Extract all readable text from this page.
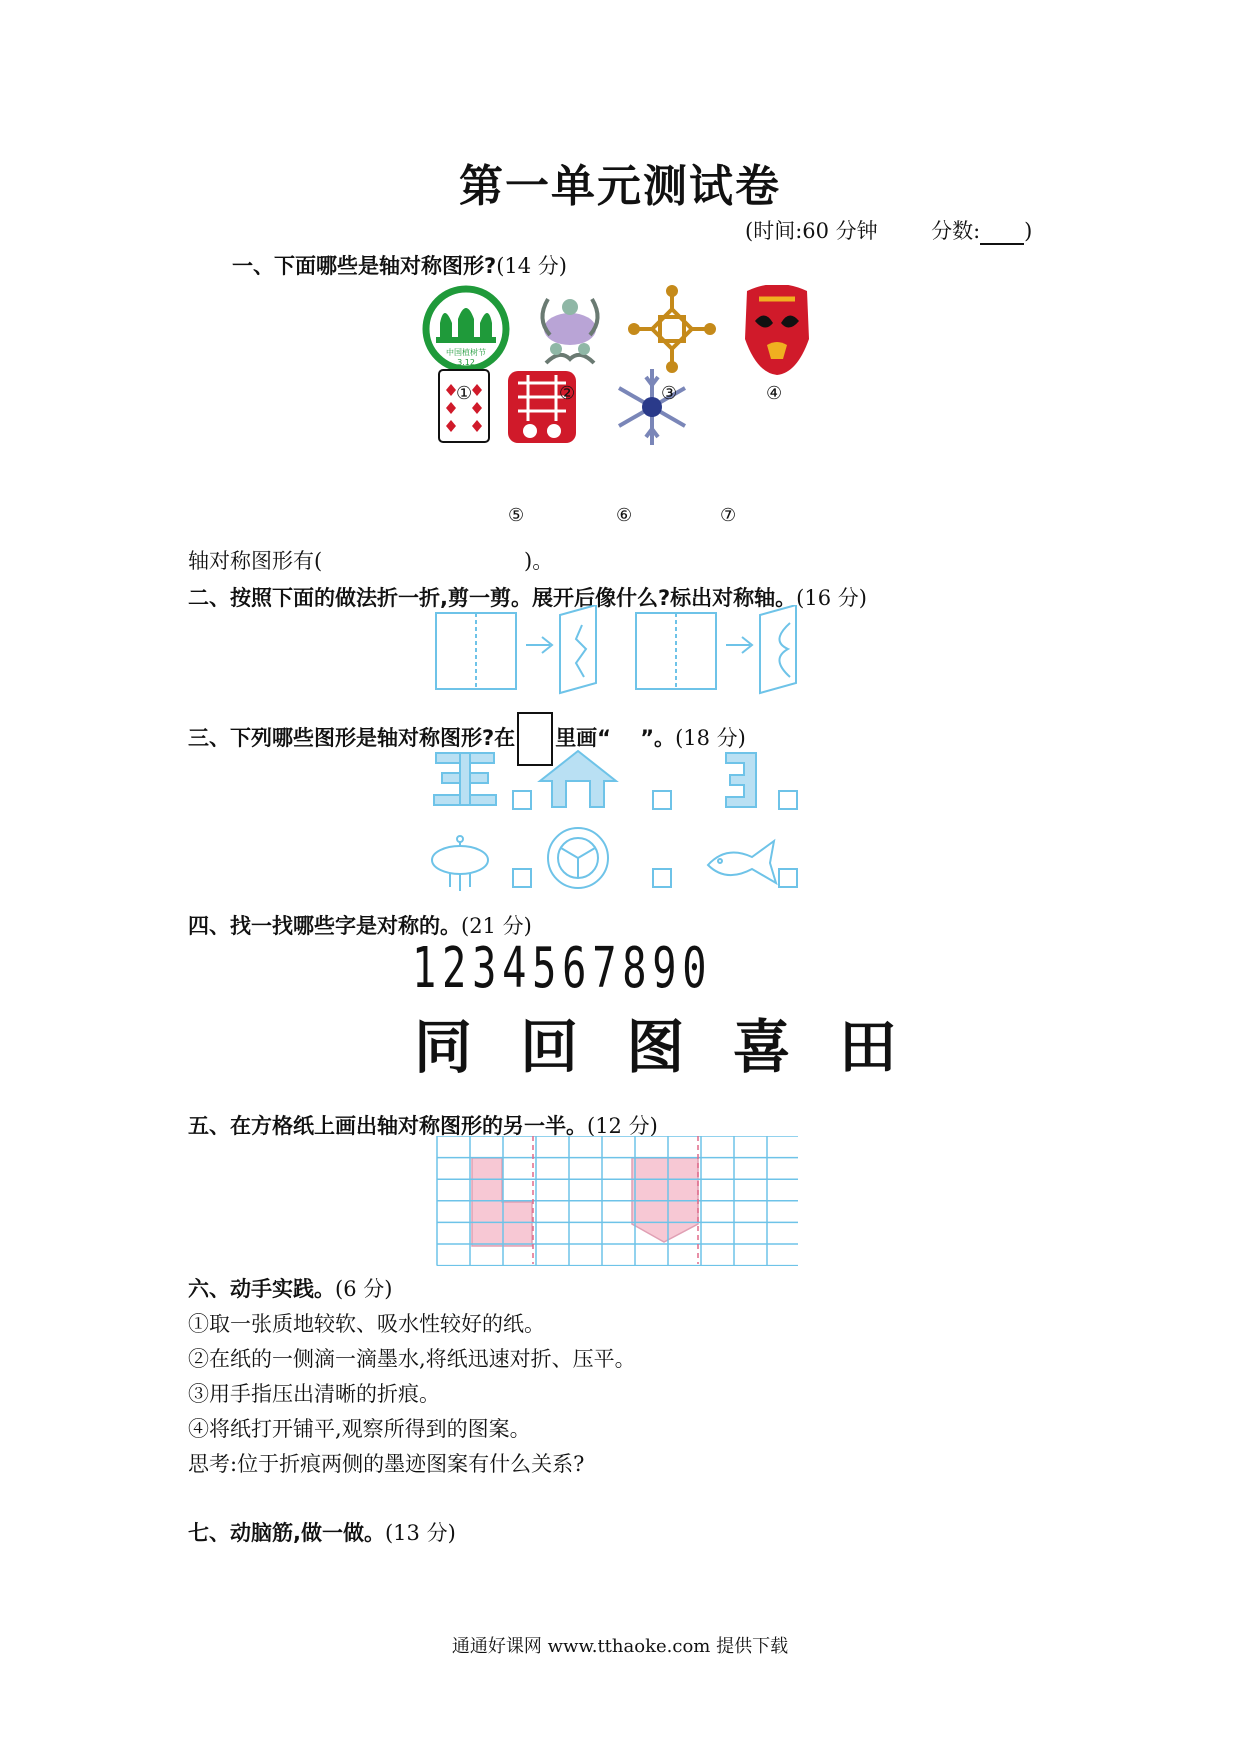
第一单元测试卷
(时间:60 分钟	分数: )
一、下面哪些是轴对称图形?(14 分)
中国植树节
3.12
①	②	③	④
⑤	⑥	⑦
轴对称图形有(	)。
二、按照下面的做法折一折,剪一剪。展开后像什么?标出对称轴。(16 分)
三、下列哪些图形是轴对称图形?在 里画“ ”。(18 分)
四、找一找哪些字是对称的。(21 分)
1234567890
同 回 图 喜 田
五、在方格纸上画出轴对称图形的另一半。(12 分)
六、动手实践。(6 分)
①取一张质地较软、吸水性较好的纸。
②在纸的一侧滴一滴墨水,将纸迅速对折、压平。
③用手指压出清晰的折痕。
④将纸打开铺平,观察所得到的图案。
思考:位于折痕两侧的墨迹图案有什么关系?
七、动脑筋,做一做。(13 分)
通通好课网 www.tthaoke.com 提供下载
